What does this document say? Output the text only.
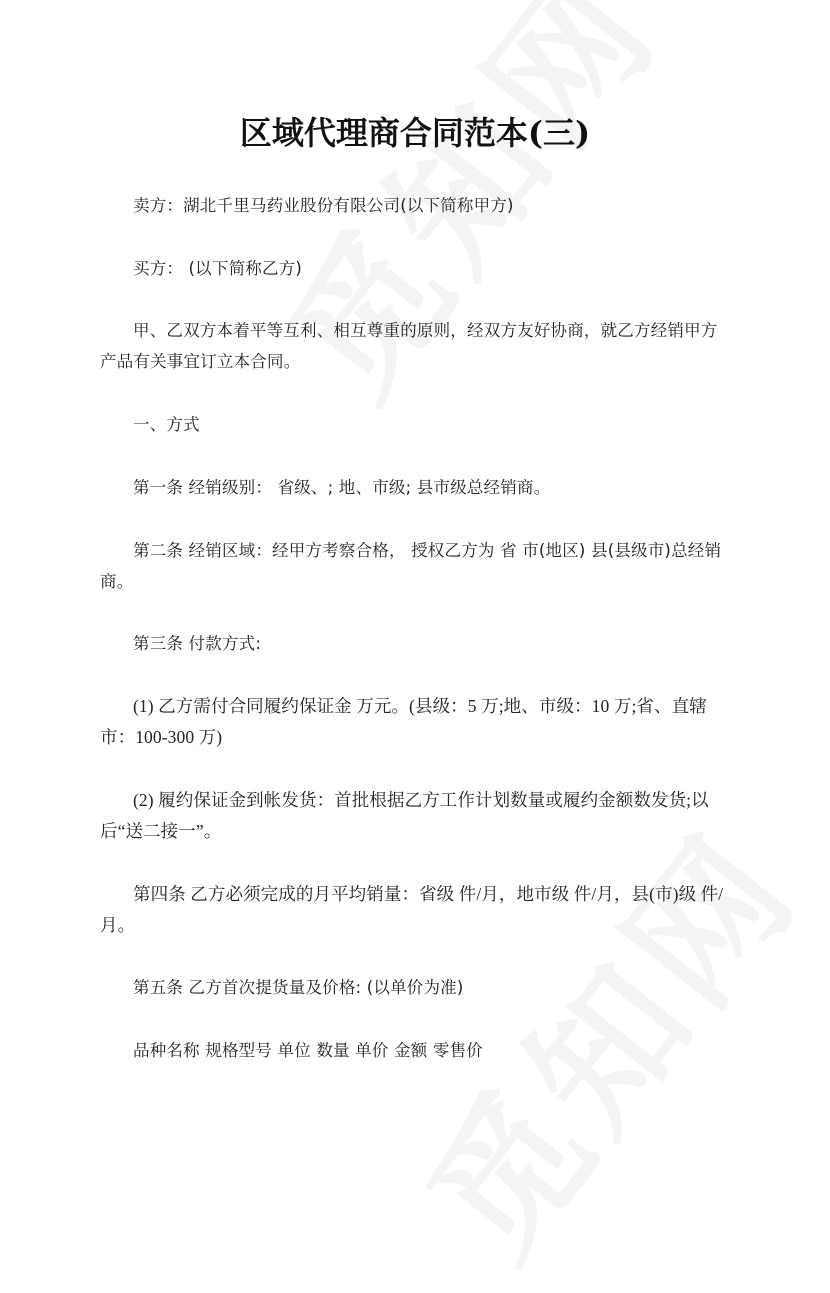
区域代理商合同范本(三)
卖方：湖北千里马药业股份有限公司(以下简称甲方)
买方： (以下简称乙方)
甲、乙双方本着平等互利、相互尊重的原则，经双方友好协商，就乙方经销甲方产品有关事宜订立本合同。
一、方式
第一条 经销级别： 省级、; 地、市级; 县市级总经销商。
第二条 经销区域：经甲方考察合格， 授权乙方为 省 市(地区) 县(县级市)总经销商。
第三条 付款方式:
(1) 乙方需付合同履约保证金 万元。(县级：5 万;地、市级：10 万;省、直辖市：100-300 万)
(2) 履约保证金到帐发货：首批根据乙方工作计划数量或履约金额数发货;以后“送二接一”。
第四条 乙方必须完成的月平均销量：省级 件/月，地市级 件/月，县(市)级 件/月。
第五条 乙方首次提货量及价格: (以单价为准)
品种名称 规格型号 单位 数量 单价 金额 零售价
